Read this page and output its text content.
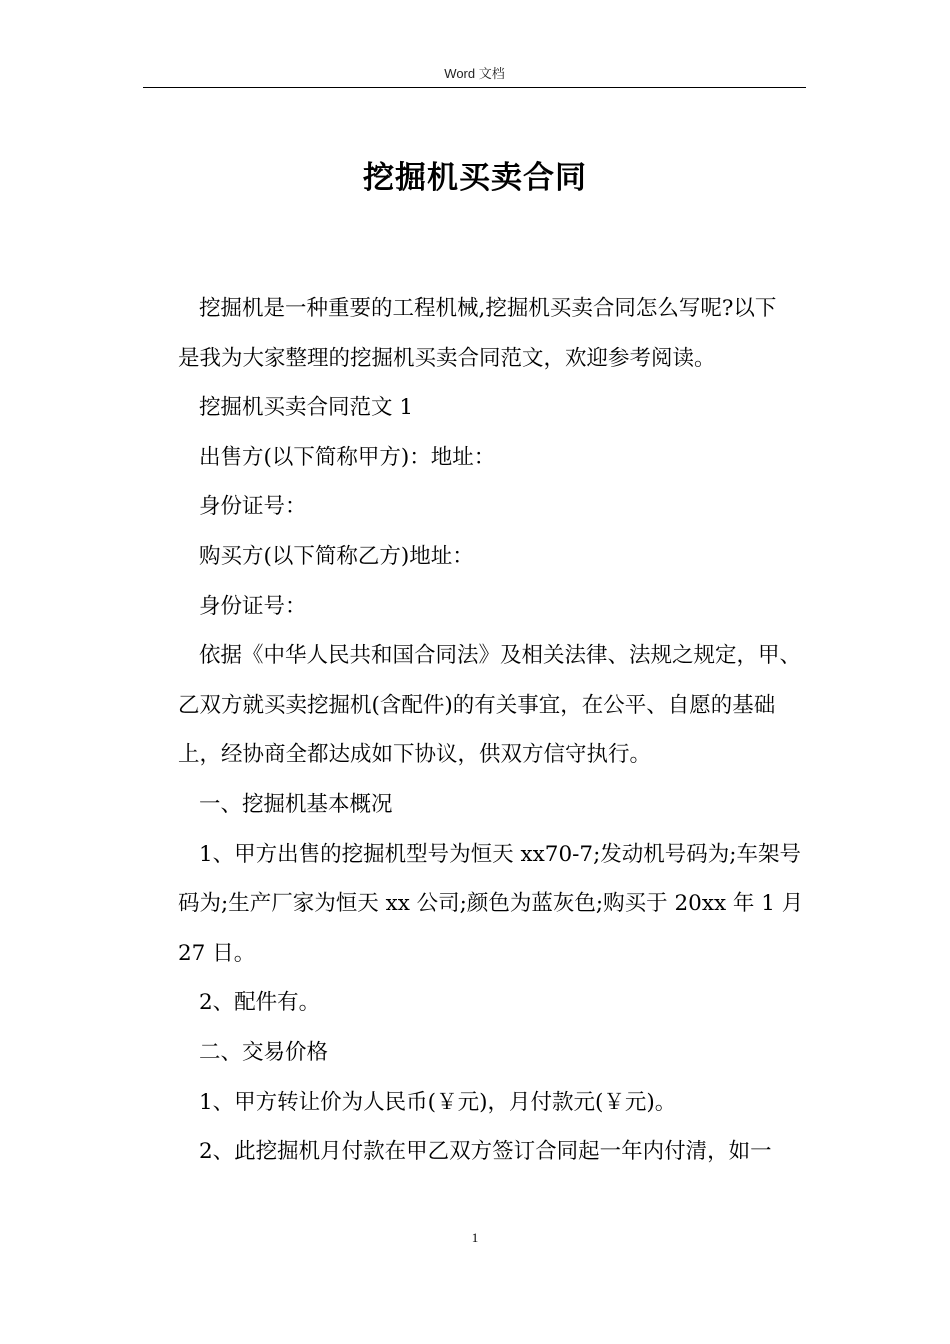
Word 文档
挖掘机买卖合同

挖掘机是一种重要的工程机械,挖掘机买卖合同怎么写呢?以下
是我为大家整理的挖掘机买卖合同范文，欢迎参考阅读。

挖掘机买卖合同范文 1

出售方(以下简称甲方)：地址：

身份证号：

购买方(以下简称乙方)地址：

身份证号：

依据《中华人民共和国合同法》及相关法律、法规之规定，甲、
乙双方就买卖挖掘机(含配件)的有关事宜，在公平、自愿的基础
上，经协商全都达成如下协议，供双方信守执行。

一、挖掘机基本概况

1、甲方出售的挖掘机型号为恒天 xx70-7;发动机号码为;车架号
码为;生产厂家为恒天 xx 公司;颜色为蓝灰色;购买于 20xx 年 1 月
27 日。

2、配件有。

二、交易价格

1、甲方转让价为人民币(￥元)，月付款元(￥元)。

2、此挖掘机月付款在甲乙双方签订合同起一年内付清，如一

1
